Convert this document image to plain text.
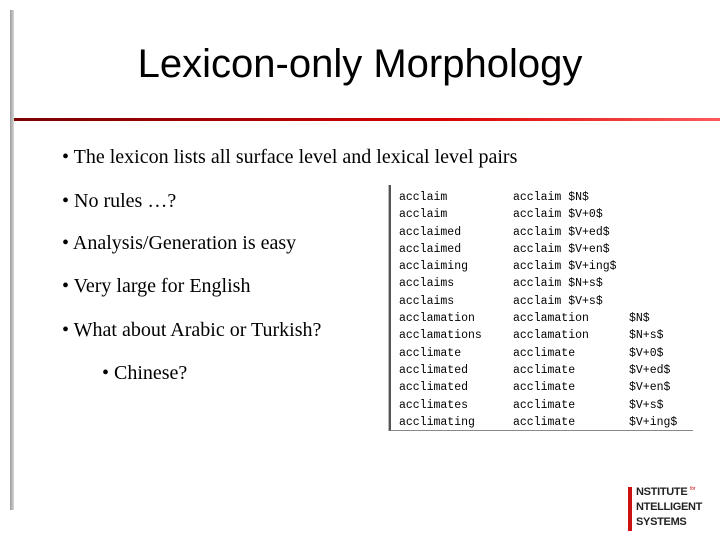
Lexicon-only Morphology
• The lexicon lists all surface level and lexical level pairs
• No rules …?
• Analysis/Generation is easy
• Very large for English
• What about Arabic or Turkish?
• Chinese?
acclaim
acclaim
acclaimed
acclaimed
acclaiming
acclaims
acclaims
acclamation
acclamations
acclimate
acclimated
acclimated
acclimates
acclimating
acclaim $N$
acclaim $V+0$
acclaim $V+ed$
acclaim $V+en$
acclaim $V+ing$
acclaim $N+s$
acclaim $V+s$
acclamation
acclamation
acclimate
acclimate
acclimate
acclimate
acclimate
$N$
$N+s$
$V+0$
$V+ed$
$V+en$
$V+s$
$V+ing$
NSTITUTE $^{for}$
NTELLIGENT
SYSTEMS
